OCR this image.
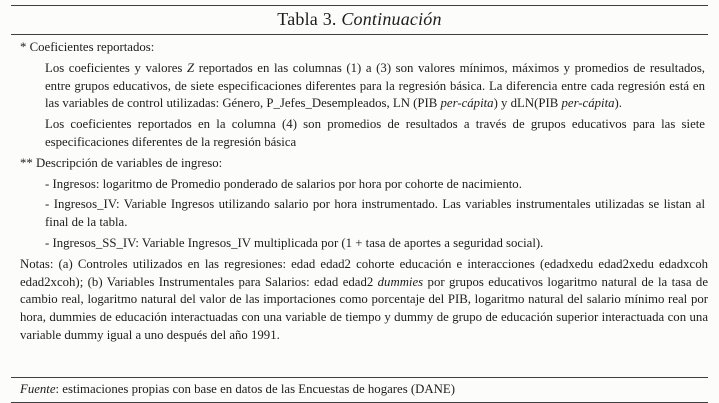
Tabla 3. Continuación

* Coeficientes reportados:

Los coeficientes y valores Z reportados en las columnas (1) a (3) son valores mínimos, máximos y promedios de resultados, entre grupos educativos, de siete especificaciones diferentes para la regresión básica. La diferencia entre cada regresión está en las variables de control utilizadas: Género, P_Jefes_Desempleados, LN (PIB per-cápita) y dLN(PIB per-cápita).

Los coeficientes reportados en la columna (4) son promedios de resultados a través de grupos educativos para las siete especificaciones diferentes de la regresión básica

** Descripción de variables de ingreso:

- Ingresos: logaritmo de Promedio ponderado de salarios por hora por cohorte de nacimiento.

- Ingresos_IV: Variable Ingresos utilizando salario por hora instrumentado. Las variables instrumentales utilizadas se listan al final de la tabla.

- Ingresos_SS_IV: Variable Ingresos_IV multiplicada por (1 + tasa de aportes a seguridad social).

Notas: (a) Controles utilizados en las regresiones: edad edad2 cohorte educación e interacciones (edadxedu edad2xedu edadxcoh edad2xcoh); (b) Variables Instrumentales para Salarios: edad edad2 dummies por grupos educativos logaritmo natural de la tasa de cambio real, logaritmo natural del valor de las importaciones como porcentaje del PIB, logaritmo natural del salario mínimo real por hora, dummies de educación interactuadas con una variable de tiempo y dummy de grupo de educación superior interactuada con una variable dummy igual a uno después del año 1991.

Fuente: estimaciones propias con base en datos de las Encuestas de hogares (DANE)
